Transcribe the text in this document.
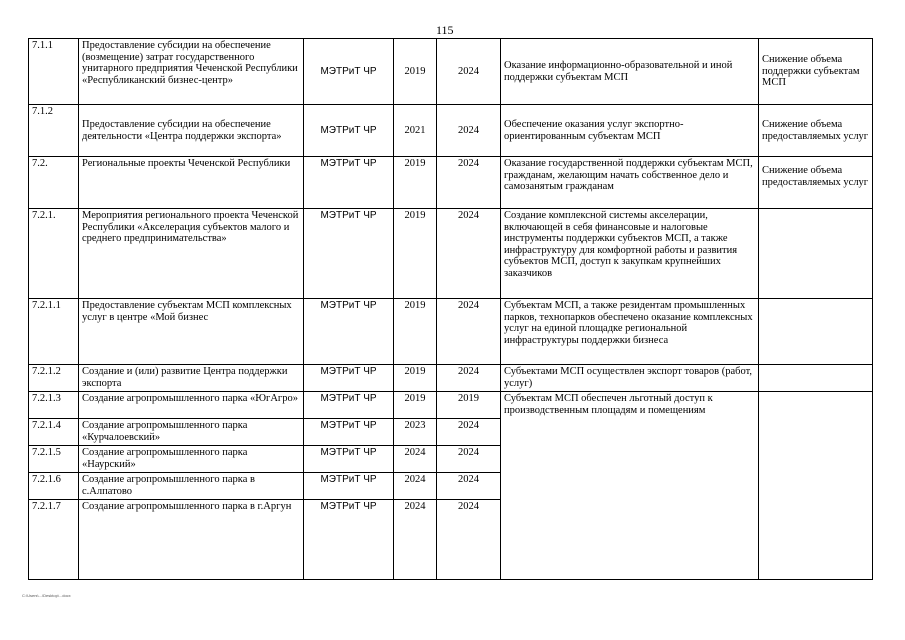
115
7.1.1	Предоставление субсидии на обеспечение (возмещение) затрат государственного унитарного предприятия Чеченской Республики «Республиканский бизнес-центр»	МЭТРиТ ЧР	2019	2024	Оказание информационно-образовательной и иной поддержки субъектам МСП	Снижение объема поддержки субъектам МСП
7.1.2	Предоставление субсидии на обеспечение деятельности «Центра поддержки экспорта»	МЭТРиТ ЧР	2021	2024	Обеспечение оказания услуг экспортно-ориентированным субъектам МСП	Снижение объема предоставляемых услуг
7.2.	Региональные проекты Чеченской Республики	МЭТРиТ ЧР	2019	2024	Оказание государственной поддержки субъектам МСП, гражданам, желающим начать собственное дело и самозанятым гражданам	Снижение объема предоставляемых услуг
7.2.1.	Мероприятия регионального проекта Чеченской Республики «Акселерация субъектов малого и среднего предпринимательства»	МЭТРиТ ЧР	2019	2024	Создание комплексной системы акселерации, включающей в себя финансовые и налоговые инструменты поддержки субъектов МСП, а также инфраструктуру для комфортной работы и развития субъектов МСП, доступ к закупкам крупнейших заказчиков	
7.2.1.1	Предоставление субъектам МСП комплексных услуг в центре «Мой бизнес	МЭТРиТ ЧР	2019	2024	Субъектам МСП, а также резидентам промышленных парков, технопарков обеспечено оказание комплексных услуг на единой площадке региональной инфраструктуры поддержки бизнеса	
7.2.1.2	Создание и (или) развитие Центра поддержки экспорта	МЭТРиТ ЧР	2019	2024	Субъектами МСП осуществлен экспорт товаров (работ, услуг)	
7.2.1.3	Создание агропромышленного парка «ЮгАгро»	МЭТРиТ ЧР	2019	2019	Субъектам МСП обеспечен льготный доступ к производственным площадям и помещениям	
7.2.1.4	Создание агропромышленного парка «Курчалоевский»	МЭТРиТ ЧР	2023	2024		
7.2.1.5	Создание агропромышленного парка «Наурский»	МЭТРиТ ЧР	2024	2024		
7.2.1.6	Создание агропромышленного парка в с.Алпатово	МЭТРиТ ЧР	2024	2024		
7.2.1.7	Создание агропромышленного парка в г.Аргун	МЭТРиТ ЧР	2024	2024		
С:\Users\...\Desktop\...docx
